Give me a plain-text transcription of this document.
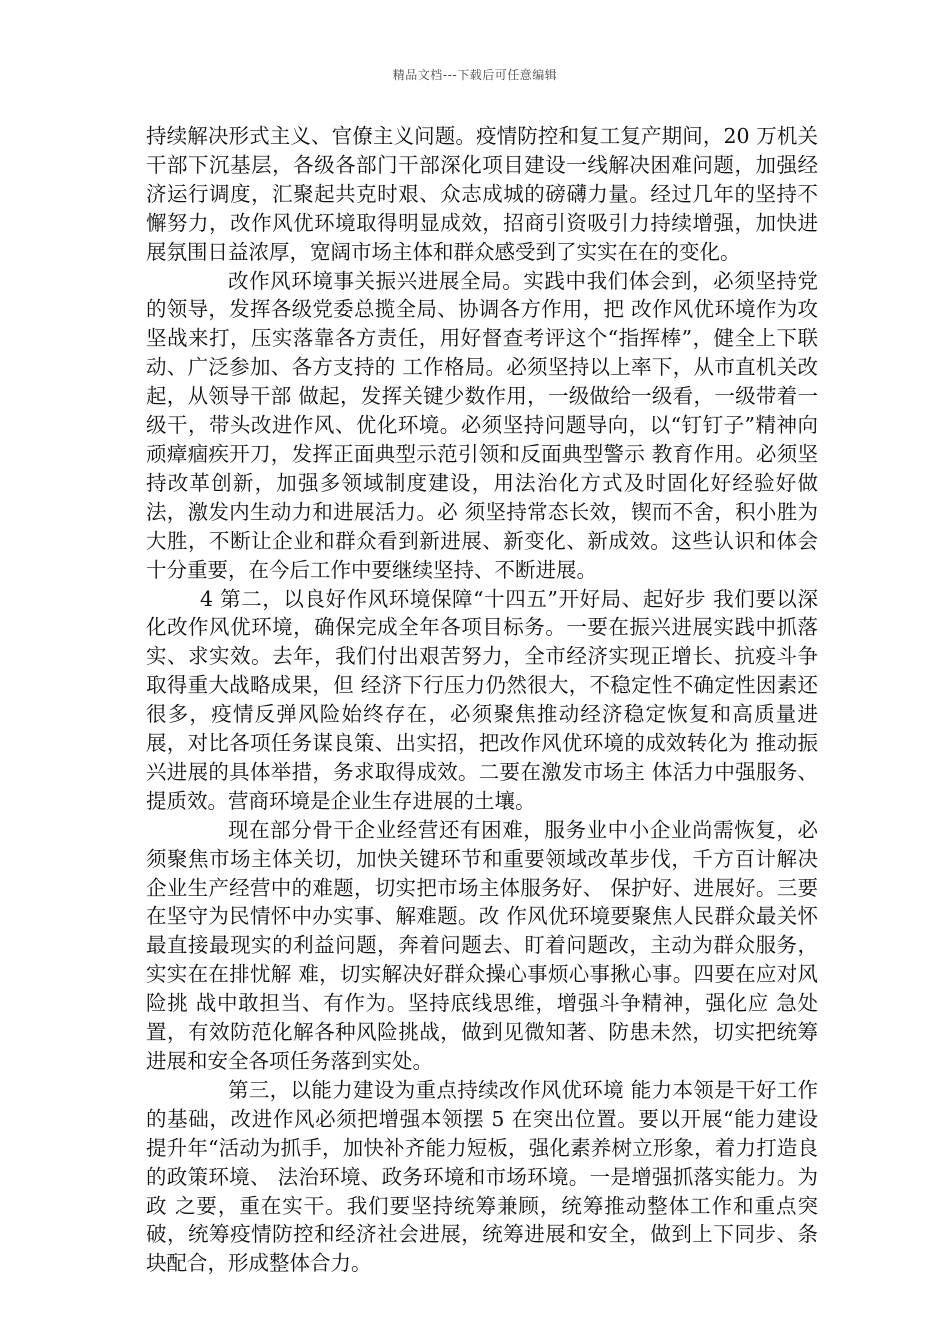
精品文档---下载后可任意编辑

持续解决形式主义、官僚主义问题。疫情防控和复工复产期间，20 万机关干部下沉基层，各级各部门干部深化项目建设一线解决困难问题，加强经济运行调度，汇聚起共克时艰、众志成城的磅礴力量。经过几年的坚持不懈努力，改作风优环境取得明显成效，招商引资吸引力持续增强，加快进展氛围日益浓厚，宽阔市场主体和群众感受到了实实在在的变化。

改作风环境事关振兴进展全局。实践中我们体会到，必须坚持党的领导，发挥各级党委总揽全局、协调各方作用，把 改作风优环境作为攻坚战来打，压实落靠各方责任，用好督查考评这个“指挥棒”，健全上下联动、广泛参加、各方支持的 工作格局。必须坚持以上率下，从市直机关改起，从领导干部 做起，发挥关键少数作用，一级做给一级看，一级带着一级干，带头改进作风、优化环境。必须坚持问题导向，以“钉钉子”精神向顽瘴痼疾开刀，发挥正面典型示范引领和反面典型警示 教育作用。必须坚持改革创新，加强多领域制度建设，用法治化方式及时固化好经验好做法，激发内生动力和进展活力。必 须坚持常态长效，锲而不舍，积小胜为大胜，不断让企业和群众看到新进展、新变化、新成效。这些认识和体会十分重要，在今后工作中要继续坚持、不断进展。

4 第二，以良好作风环境保障“十四五”开好局、起好步 我们要以深化改作风优环境，确保完成全年各项目标务。一要在振兴进展实践中抓落实、求实效。去年，我们付出艰苦努力，全市经济实现正增长、抗疫斗争取得重大战略成果，但 经济下行压力仍然很大，不稳定性不确定性因素还很多，疫情反弹风险始终存在，必须聚焦推动经济稳定恢复和高质量进展，对比各项任务谋良策、出实招，把改作风优环境的成效转化为 推动振兴进展的具体举措，务求取得成效。二要在激发市场主 体活力中强服务、提质效。营商环境是企业生存进展的土壤。

现在部分骨干企业经营还有困难，服务业中小企业尚需恢复，必须聚焦市场主体关切，加快关键环节和重要领域改革步伐，千方百计解决企业生产经营中的难题，切实把市场主体服务好、 保护好、进展好。三要在坚守为民情怀中办实事、解难题。改 作风优环境要聚焦人民群众最关怀最直接最现实的利益问题，奔着问题去、盯着问题改，主动为群众服务，实实在在排忧解 难，切实解决好群众操心事烦心事揪心事。四要在应对风险挑 战中敢担当、有作为。坚持底线思维，增强斗争精神，强化应 急处置，有效防范化解各种风险挑战，做到见微知著、防患未然，切实把统筹进展和安全各项任务落到实处。

第三，以能力建设为重点持续改作风优环境 能力本领是干好工作的基础，改进作风必须把增强本领摆 5 在突出位置。要以开展“能力建设提升年“活动为抓手，加快补齐能力短板，强化素养树立形象，着力打造良的政策环境、 法治环境、政务环境和市场环境。一是增强抓落实能力。为政 之要，重在实干。我们要坚持统筹兼顾，统筹推动整体工作和重点突破，统筹疫情防控和经济社会进展，统筹进展和安全，做到上下同步、条块配合，形成整体合力。
